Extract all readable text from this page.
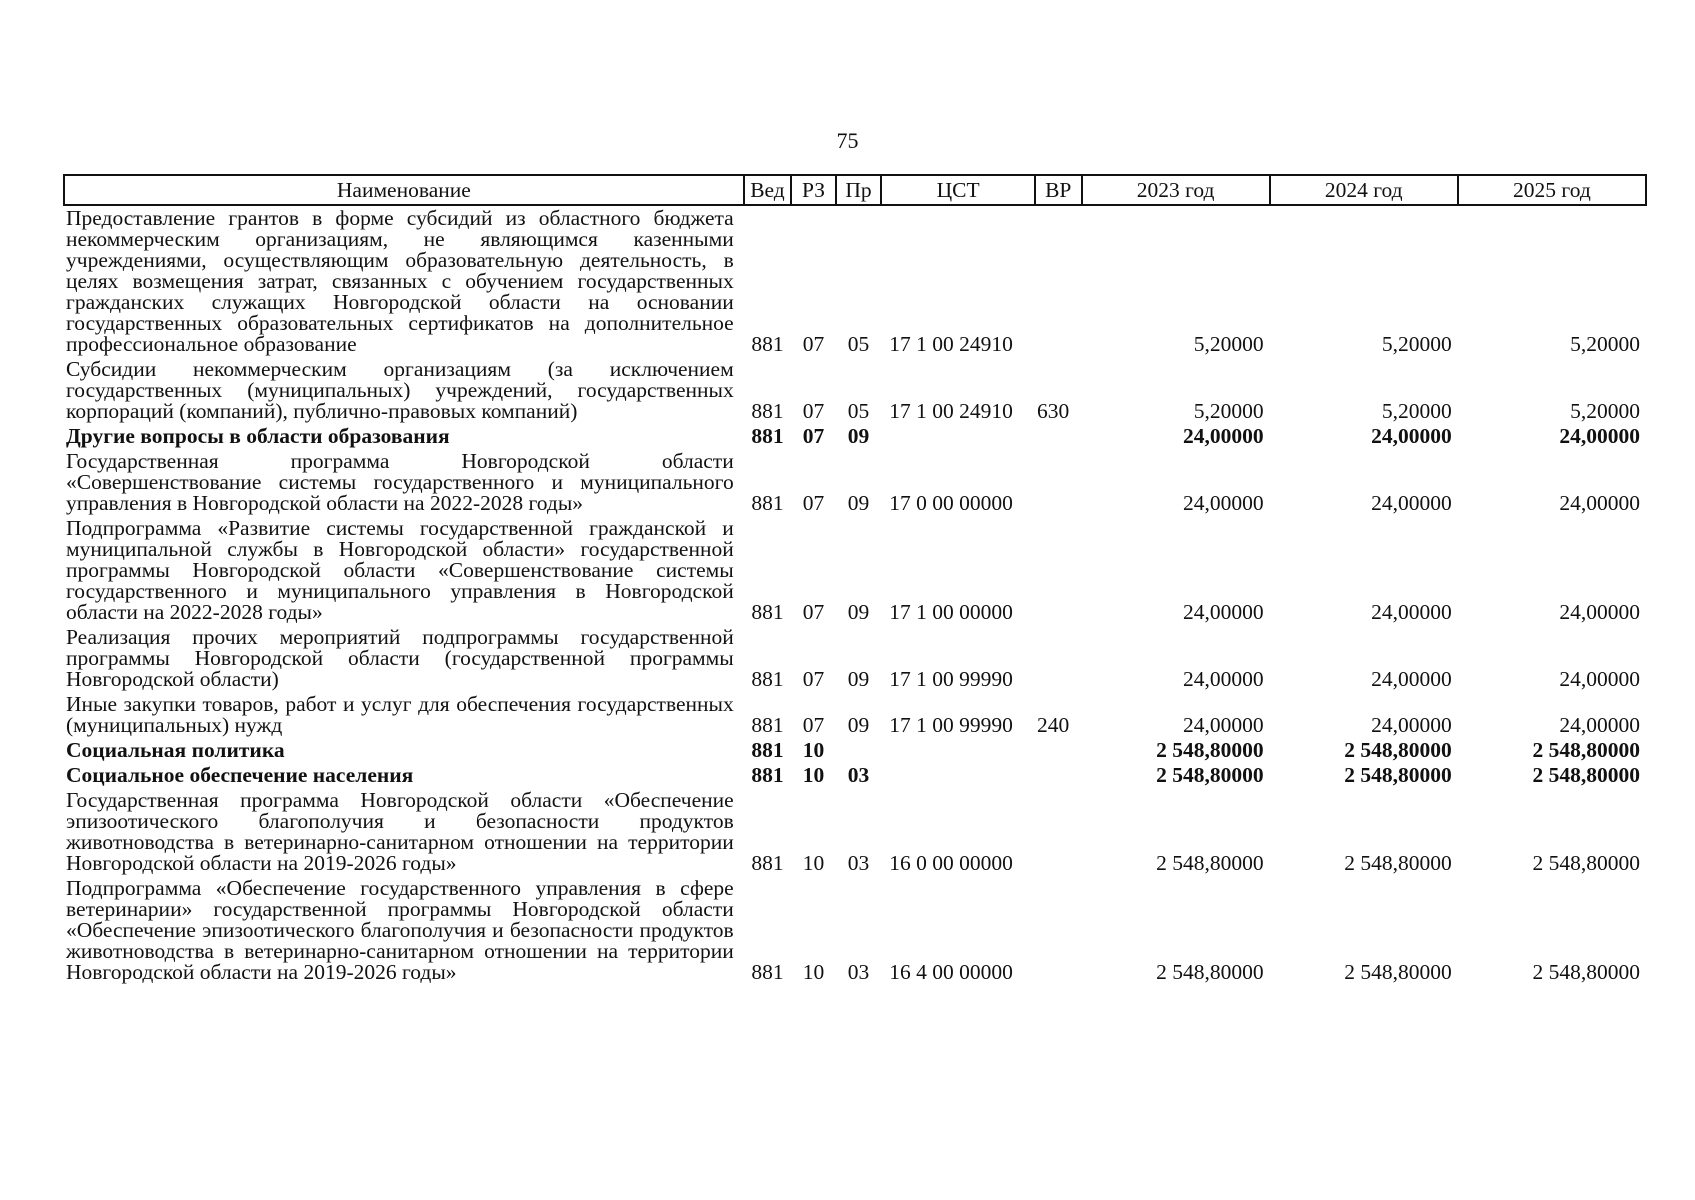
75
Наименование	Вед	РЗ	Пр	ЦСТ	ВР	2023 год	2024 год	2025 год
Предоставление грантов в форме субсидий из областного бюджета некоммерческим организациям, не являющимся казенными учреждениями, осуществляющим образовательную деятельность, в целях возмещения затрат, связанных с обучением государственных гражданских служащих Новгородской области на основании государственных образовательных сертификатов на дополнительное профессиональное образование	881	07	05	17 1 00 24910		5,20000	5,20000	5,20000
Субсидии некоммерческим организациям (за исключением государственных (муниципальных) учреждений, государственных корпораций (компаний), публично-правовых компаний)	881	07	05	17 1 00 24910	630	5,20000	5,20000	5,20000
Другие вопросы в области образования	881	07	09			24,00000	24,00000	24,00000
Государственная программа Новгородской области «Совершенствование системы государственного и муниципального управления в Новгородской области на 2022-2028 годы»	881	07	09	17 0 00 00000		24,00000	24,00000	24,00000
Подпрограмма «Развитие системы государственной гражданской и муниципальной службы в Новгородской области» государственной программы Новгородской области «Совершенствование системы государственного и муниципального управления в Новгородской области на 2022-2028 годы»	881	07	09	17 1 00 00000		24,00000	24,00000	24,00000
Реализация прочих мероприятий подпрограммы государственной программы Новгородской области (государственной программы Новгородской области)	881	07	09	17 1 00 99990		24,00000	24,00000	24,00000
Иные закупки товаров, работ и услуг для обеспечения государственных (муниципальных) нужд	881	07	09	17 1 00 99990	240	24,00000	24,00000	24,00000
Социальная политика	881	10				2 548,80000	2 548,80000	2 548,80000
Социальное обеспечение населения	881	10	03			2 548,80000	2 548,80000	2 548,80000
Государственная программа Новгородской области «Обеспечение эпизоотического благополучия и безопасности продуктов животноводства в ветеринарно-санитарном отношении на территории Новгородской области на 2019-2026 годы»	881	10	03	16 0 00 00000		2 548,80000	2 548,80000	2 548,80000
Подпрограмма «Обеспечение государственного управления в сфере ветеринарии» государственной программы Новгородской области «Обеспечение эпизоотического благополучия и безопасности продуктов животноводства в ветеринарно-санитарном отношении на территории Новгородской области на 2019-2026 годы»	881	10	03	16 4 00 00000		2 548,80000	2 548,80000	2 548,80000
